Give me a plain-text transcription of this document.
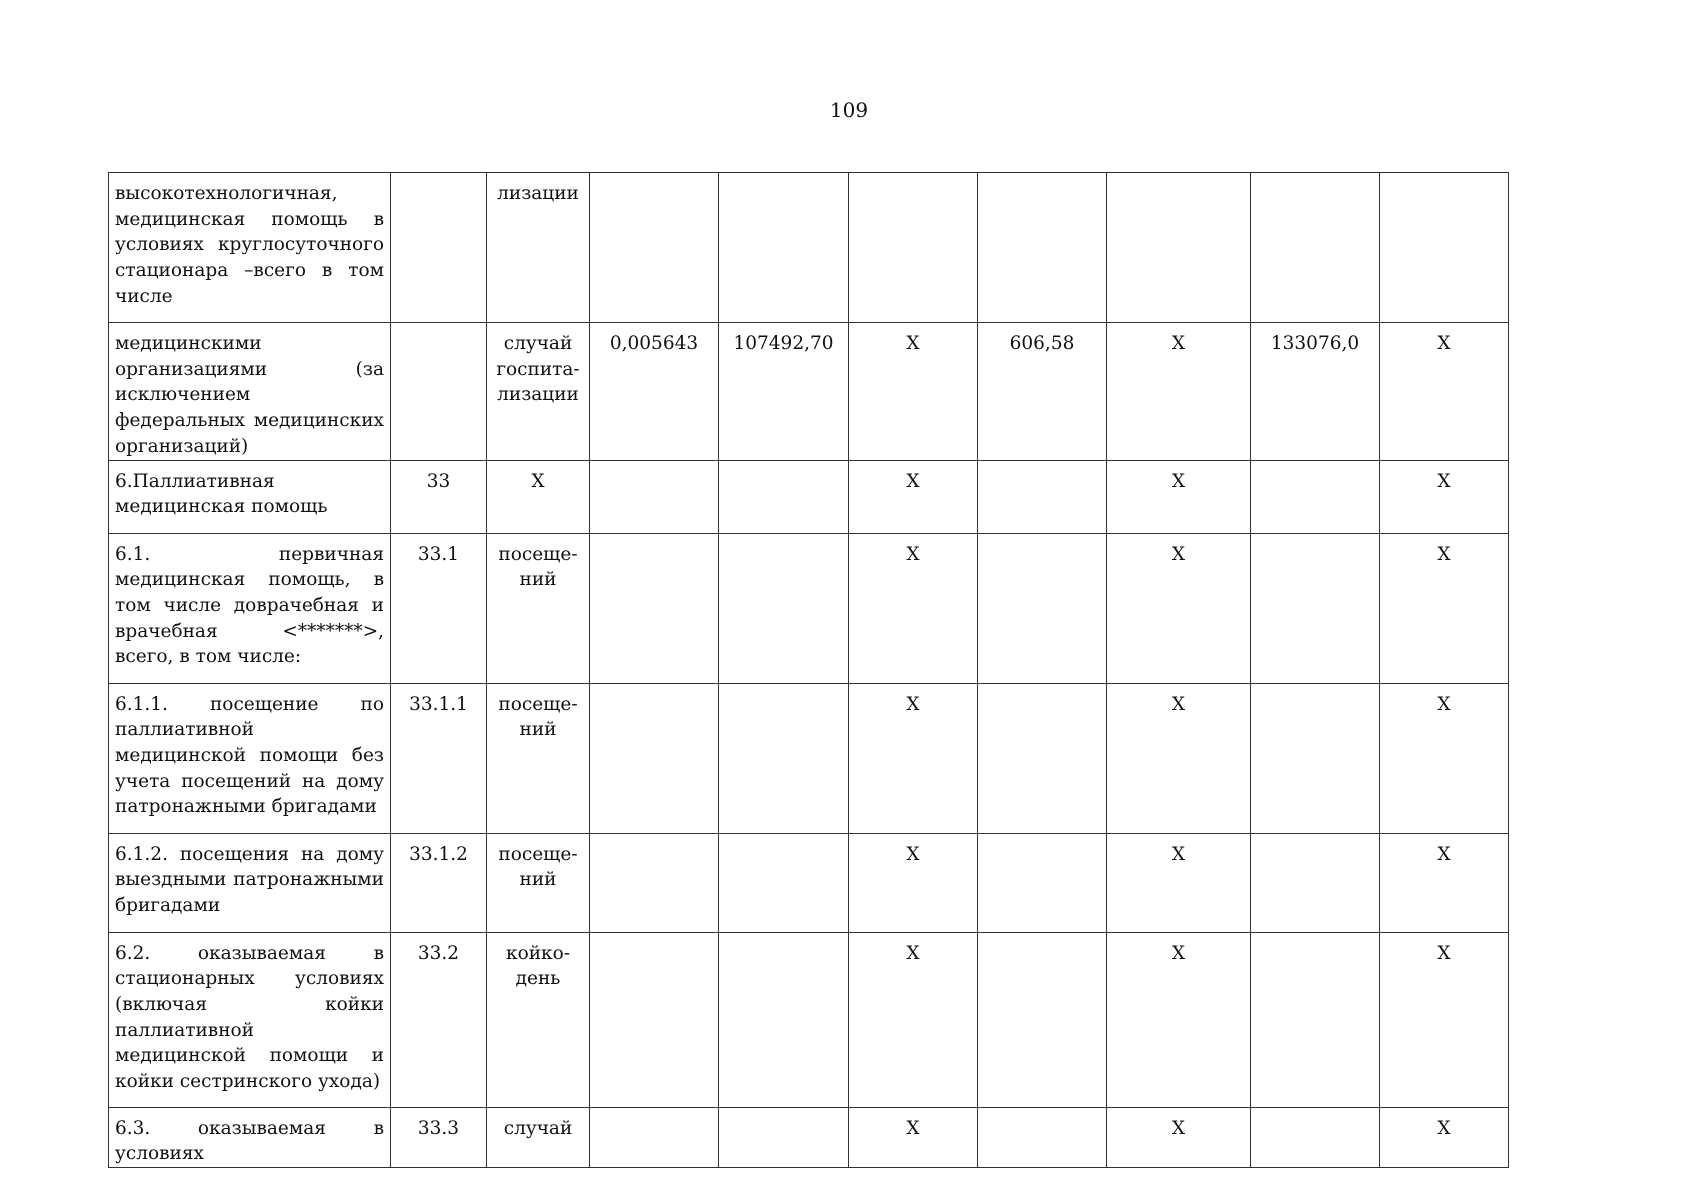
109
высокотехнологичная, медицинская помощь в условиях круглосуточного стационара –всего в том числе		лизации							
медицинскими организациями (за исключением федеральных медицинских организаций)		случай госпита-лизации	0,005643	107492,70	X	606,58	X	133076,0	X
6.Паллиативная медицинская помощь	33	X			X		X		X
6.1. первичная медицинская помощь, в том числе доврачебная и врачебная <*******>, всего, в том числе:	33.1	посеще-ний			X		X		X
6.1.1. посещение по паллиативной медицинской помощи без учета посещений на дому патронажными бригадами	33.1.1	посеще-ний			X		X		X
6.1.2. посещения на дому выездными патронажными бригадами	33.1.2	посеще-ний			X		X		X
6.2. оказываемая в стационарных условиях (включая койки паллиативной медицинской помощи и койки сестринского ухода)	33.2	койко-день			X		X		X
6.3. оказываемая в условиях	33.3	случай			X		X		X
